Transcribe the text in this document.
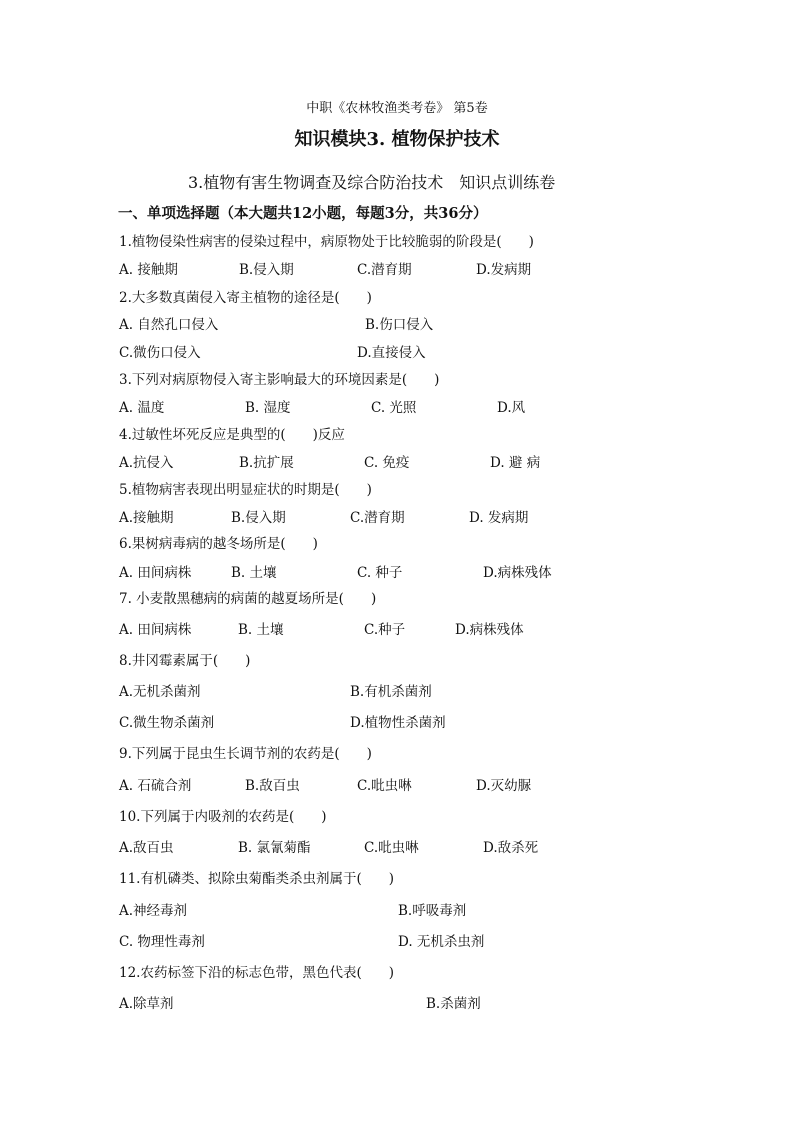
中职《农林牧渔类考卷》 第5卷
知识模块3. 植物保护技术
3.植物有害生物调查及综合防治技术　知识点训练卷
一、单项选择题（本大题共12小题，每题3分，共36分）
1.植物侵染性病害的侵染过程中，病原物处于比较脆弱的阶段是(　　)
A. 接触期	B.侵入期	C.潜育期	D.发病期
2.大多数真菌侵入寄主植物的途径是(　　)
A. 自然孔口侵入	B.伤口侵入
C.微伤口侵入	D.直接侵入
3.下列对病原物侵入寄主影响最大的环境因素是(　　)
A. 温度	B. 湿度	C. 光照	D.风
4.过敏性坏死反应是典型的(　　)反应
A.抗侵入	B.抗扩展	C. 免疫	D. 避 病
5.植物病害表现出明显症状的时期是(　　)
A.接触期	B.侵入期	C.潜育期	D. 发病期
6.果树病毒病的越冬场所是(　　)
A. 田间病株	B. 土壤	C. 种子	D.病株残体
7. 小麦散黑穗病的病菌的越夏场所是(　　)
A. 田间病株	B. 土壤	C.种子	D.病株残体
8.井冈霉素属于(　　)
A.无机杀菌剂	B.有机杀菌剂
C.微生物杀菌剂	D.植物性杀菌剂
9.下列属于昆虫生长调节剂的农药是(　　)
A. 石硫合剂	B.敌百虫	C.吡虫啉	D.灭幼脲
10.下列属于内吸剂的农药是(　　)
A.敌百虫	B. 氯氰菊酯	C.吡虫啉	D.敌杀死
11.有机磷类、拟除虫菊酯类杀虫剂属于(　　)
A.神经毒剂	B.呼吸毒剂
C. 物理性毒剂	D. 无机杀虫剂
12.农药标签下沿的标志色带，黑色代表(　　)
A.除草剂	B.杀菌剂
